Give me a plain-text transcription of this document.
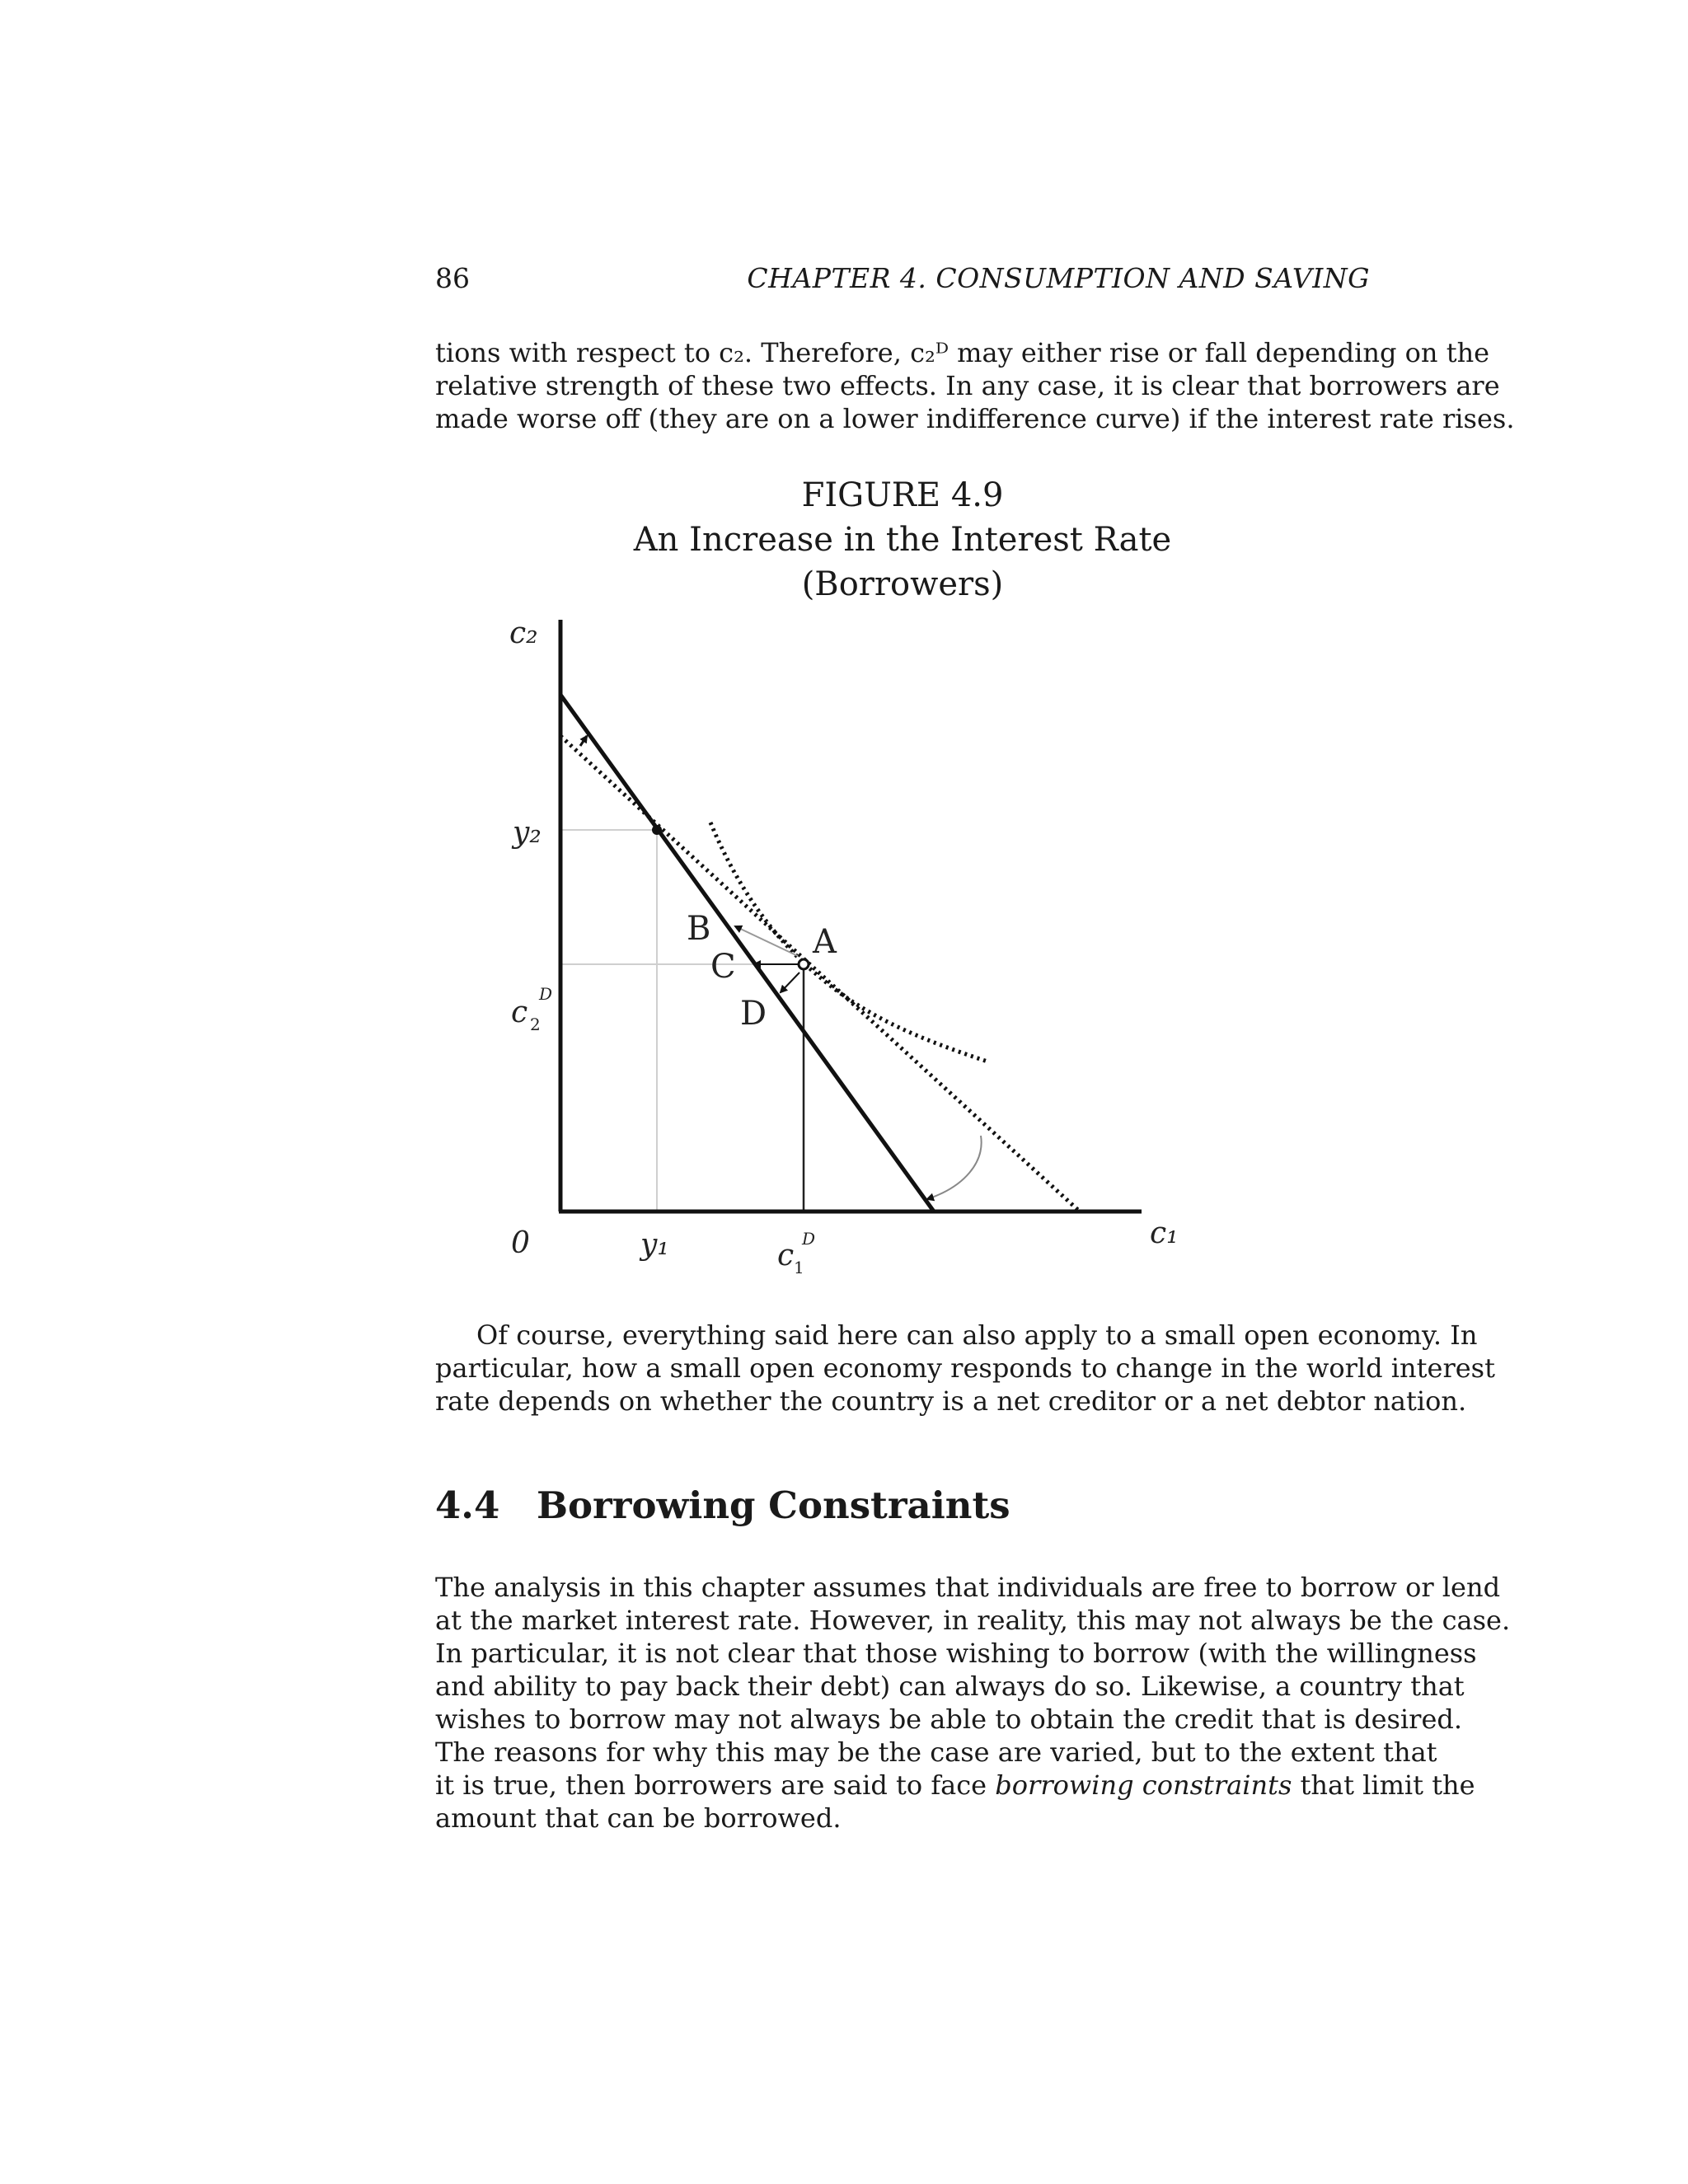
86	CHAPTER 4. CONSUMPTION AND SAVING
tions with respect to c₂. Therefore, c₂ᴰ may either rise or fall depending on the
relative strength of these two effects. In any case, it is clear that borrowers are
made worse off (they are on a lower indifference curve) if the interest rate rises.
FIGURE 4.9
An Increase in the Interest Rate
(Borrowers)
c₂
c₁
0
y₂
y₁
c 2
D
c 1
D
A
B
C
D
Of course, everything said here can also apply to a small open economy. In
particular, how a small open economy responds to change in the world interest
rate depends on whether the country is a net creditor or a net debtor nation.
4.4 Borrowing Constraints
The analysis in this chapter assumes that individuals are free to borrow or lend
at the market interest rate. However, in reality, this may not always be the case.
In particular, it is not clear that those wishing to borrow (with the willingness
and ability to pay back their debt) can always do so. Likewise, a country that
wishes to borrow may not always be able to obtain the credit that is desired.
The reasons for why this may be the case are varied, but to the extent that
it is true, then borrowers are said to face borrowing constraints that limit the
amount that can be borrowed.
